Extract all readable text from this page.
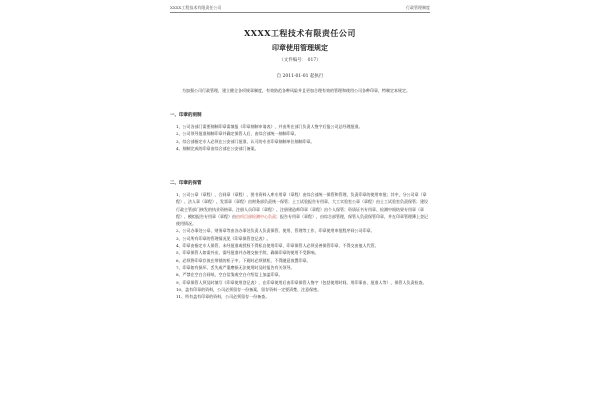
XXXX工程技术有限责任公司	行政管理制度
XXXX工程技术有限责任公司
印章使用管理规定
（文件编号： 017）
自 2011-01-01 起执行

为加强公司行政管理，建立健全各项规章制度，有效防范各种风险并且更加合理有效的管理和使用公司各种印章，特制定本规定。

一、印章的刻制

1、公司各部门需要刻制印章需填报《印章刻制申请表》，并由所在部门负责人签字后报公司总经理批准。

2、公司领导批准刻制印章并确定保管人后，由综合部统一刻制印章。

3、综合部指定专人必须在公安部门批准、认可的专业印章刻制单位刻制印章。

4、刻制完成的印章由综合部在公安部门备案。

二、印章的保管

1、公司公章（章程）、合同章（章程）、图书资料入库专用章（章程）由综合部统一保管和管理，负责印章的使用审批；其中，分公司章（章程）、法人章（章程）、发票章（章程）由财务部负责统一保管；土工试验报告专用章、大工实验室公章（章程）由土工试验室负责保管；建设行政主管部门核发的执业资格章、注册人员印章（章程）、注册建造师印章（章程）由个人保管；资质证书专用章、检测中间结果专用章（章程）、模拟报告专用章（章程）由由项目部检测中心负责；报告专用章（章程），由综合部管理，保管人负责保管印章，并在印章管理簿上登记使用情况。

2、公司办事处公章、财务章等由各办事处负责人负责保管、使用、管理等工作，印章使用审批程序同公司印章。

3、公司所有印章的管理情况见《印章保管登记表》。

4、印章由指定专人保管，未经批准或授权不得私自使用印章，印章保管人必须妥善保管印章，不得交由他人代管。

5、印章保管人如需外出，需经批准并办理交接手续，确保印章的使用不受影响。

6、必须将印章存放在带锁的柜子中，下班时必须锁柜，不得随意放置印章。

7、印章如有损坏、丢失或严重磨损无法使用时及时报告有关领导。

8、严禁在空白合同纸、空白信笺或空白介绍信上加盖印章。

9、印章保管人须及时填写《印章使用登记表》，在印章使用后由印章保管人签字（包括使用时间、用印事由、批准人等），保管人负责检查。

10、盖有印章的资料，公司必须留存一份备案，留存资料一定要清楚、注意保密。

11、所有盖有印章的资料，公司必须留存一份备查。
